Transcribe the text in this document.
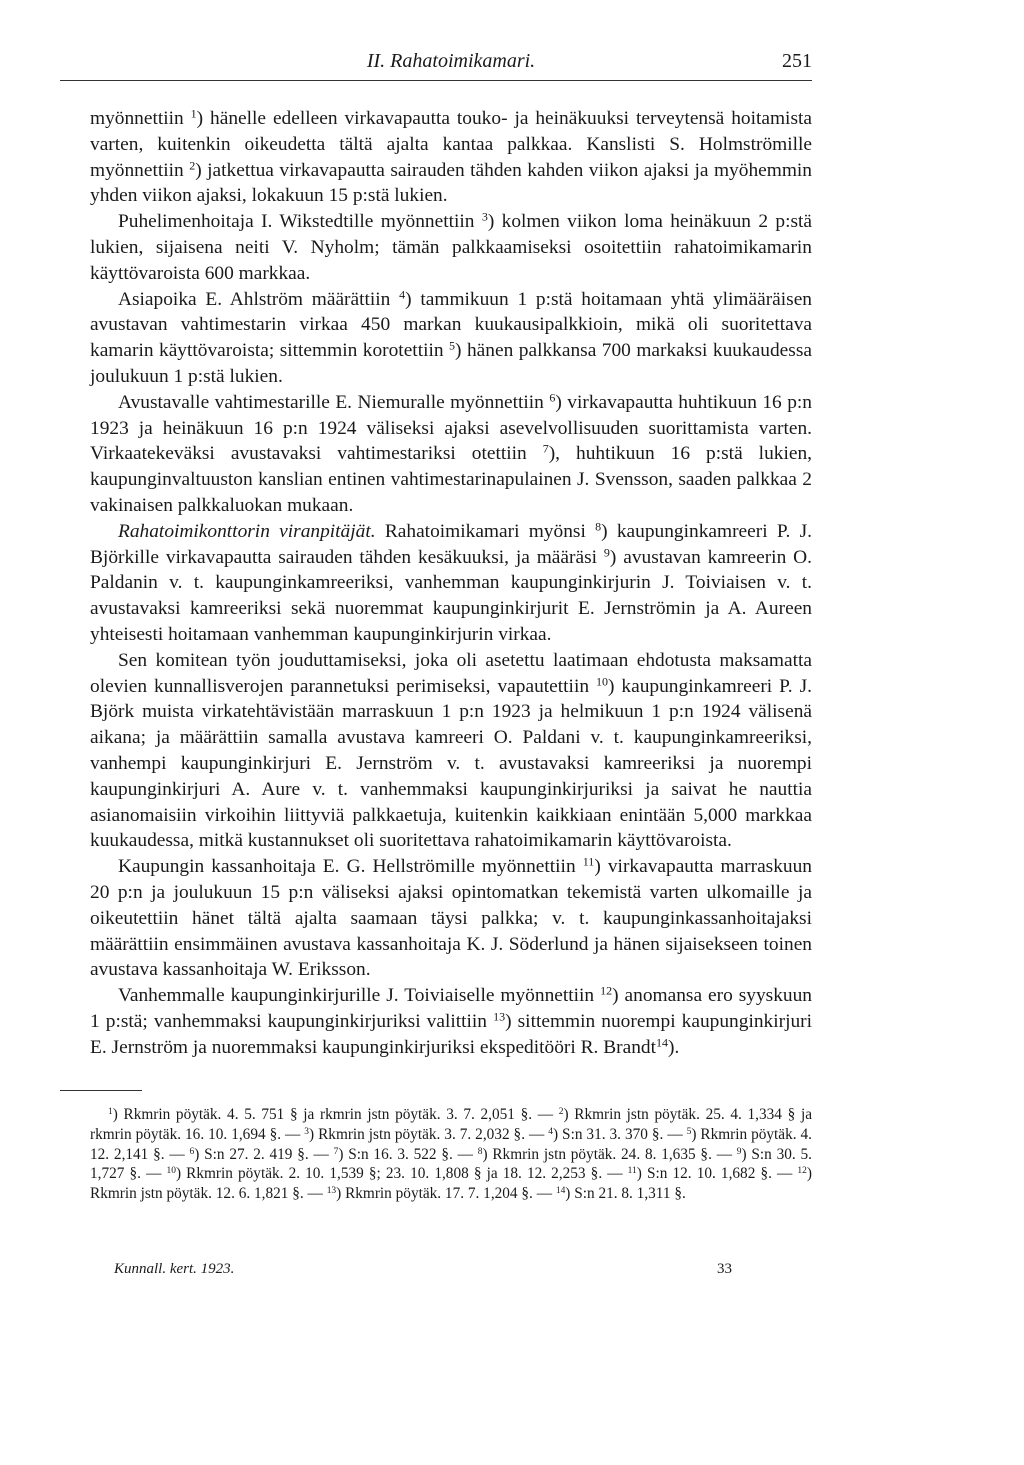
II. Rahatoimikamari.	251

myönnettiin $^1$) hänelle edelleen virkavapautta touko- ja heinäkuuksi terveytensä hoitamista varten, kuitenkin oikeudetta tältä ajalta kantaa palkkaa. Kanslisti S. Holmströmille myönnettiin $^2$) jatkettua virkavapautta sairauden tähden kahden viikon ajaksi ja myöhemmin yhden viikon ajaksi, lokakuun 15 p:stä lukien.

Puhelimenhoitaja I. Wikstedtille myönnettiin $^3$) kolmen viikon loma heinäkuun 2 p:stä lukien, sijaisena neiti V. Nyholm; tämän palkkaamiseksi osoitettiin rahatoimikamarin käyttövaroista 600 markkaa.

Asiapoika E. Ahlström määrättiin $^4$) tammikuun 1 p:stä hoitamaan yhtä ylimääräisen avustavan vahtimestarin virkaa 450 markan kuukausipalkkioin, mikä oli suoritettava kamarin käyttövaroista; sittemmin korotettiin $^5$) hänen palkkansa 700 markaksi kuukaudessa joulukuun 1 p:stä lukien.

Avustavalle vahtimestarille E. Niemuralle myönnettiin $^6$) virkavapautta huhtikuun 16 p:n 1923 ja heinäkuun 16 p:n 1924 väliseksi ajaksi asevelvollisuuden suorittamista varten. Virkaatekeväksi avustavaksi vahtimestariksi otettiin $^7$), huhtikuun 16 p:stä lukien, kaupunginvaltuuston kanslian entinen vahtimestarinapulainen J. Svensson, saaden palkkaa 2 vakinaisen palkkaluokan mukaan.

Rahatoimikonttorin viranpitäjät. Rahatoimikamari myönsi $^8$) kaupunginkamreeri P. J. Björkille virkavapautta sairauden tähden kesäkuuksi, ja määräsi $^9$) avustavan kamreerin O. Paldanin v. t. kaupunginkamreeriksi, vanhemman kaupunginkirjurin J. Toiviaisen v. t. avustavaksi kamreeriksi sekä nuoremmat kaupunginkirjurit E. Jernströmin ja A. Aureen yhteisesti hoitamaan vanhemman kaupunginkirjurin virkaa.

Sen komitean työn jouduttamiseksi, joka oli asetettu laatimaan ehdotusta maksamatta olevien kunnallisverojen parannetuksi perimiseksi, vapautettiin $^{10}$) kaupunginkamreeri P. J. Björk muista virkatehtävistään marraskuun 1 p:n 1923 ja helmikuun 1 p:n 1924 välisenä aikana; ja määrättiin samalla avustava kamreeri O. Paldani v. t. kaupunginkamreeriksi, vanhempi kaupunginkirjuri E. Jernström v. t. avustavaksi kamreeriksi ja nuorempi kaupunginkirjuri A. Aure v. t. vanhemmaksi kaupunginkirjuriksi ja saivat he nauttia asianomaisiin virkoihin liittyviä palkkaetuja, kuitenkin kaikkiaan enintään 5,000 markkaa kuukaudessa, mitkä kustannukset oli suoritettava rahatoimikamarin käyttövaroista.

Kaupungin kassanhoitaja E. G. Hellströmille myönnettiin $^{11}$) virkavapautta marraskuun 20 p:n ja joulukuun 15 p:n väliseksi ajaksi opintomatkan tekemistä varten ulkomaille ja oikeutettiin hänet tältä ajalta saamaan täysi palkka; v. t. kaupunginkassanhoitajaksi määrättiin ensimmäinen avustava kassanhoitaja K. J. Söderlund ja hänen sijaisekseen toinen avustava kassanhoitaja W. Eriksson.

Vanhemmalle kaupunginkirjurille J. Toiviaiselle myönnettiin $^{12}$) anomansa ero syyskuun 1 p:stä; vanhemmaksi kaupunginkirjuriksi valittiin $^{13}$) sittemmin nuorempi kaupunginkirjuri E. Jernström ja nuoremmaksi kaupunginkirjuriksi ekspeditööri R. Brandt$^{14}$).

$^1$) Rkmrin pöytäk. 4. 5. 751 § ja rkmrin jstn pöytäk. 3. 7. 2,051 §. — $^2$) Rkmrin jstn pöytäk. 25. 4. 1,334 § ja rkmrin pöytäk. 16. 10. 1,694 §. — $^3$) Rkmrin jstn pöytäk. 3. 7. 2,032 §. — $^4$) S:n 31. 3. 370 §. — $^5$) Rkmrin pöytäk. 4. 12. 2,141 §. — $^6$) S:n 27. 2. 419 §. — $^7$) S:n 16. 3. 522 §. — $^8$) Rkmrin jstn pöytäk. 24. 8. 1,635 §. — $^9$) S:n 30. 5. 1,727 §. — $^{10}$) Rkmrin pöytäk. 2. 10. 1,539 §; 23. 10. 1,808 § ja 18. 12. 2,253 §. — $^{11}$) S:n 12. 10. 1,682 §. — $^{12}$) Rkmrin jstn pöytäk. 12. 6. 1,821 §. — $^{13}$) Rkmrin pöytäk. 17. 7. 1,204 §. — $^{14}$) S:n 21. 8. 1,311 §.

Kunnall. kert. 1923.	33
